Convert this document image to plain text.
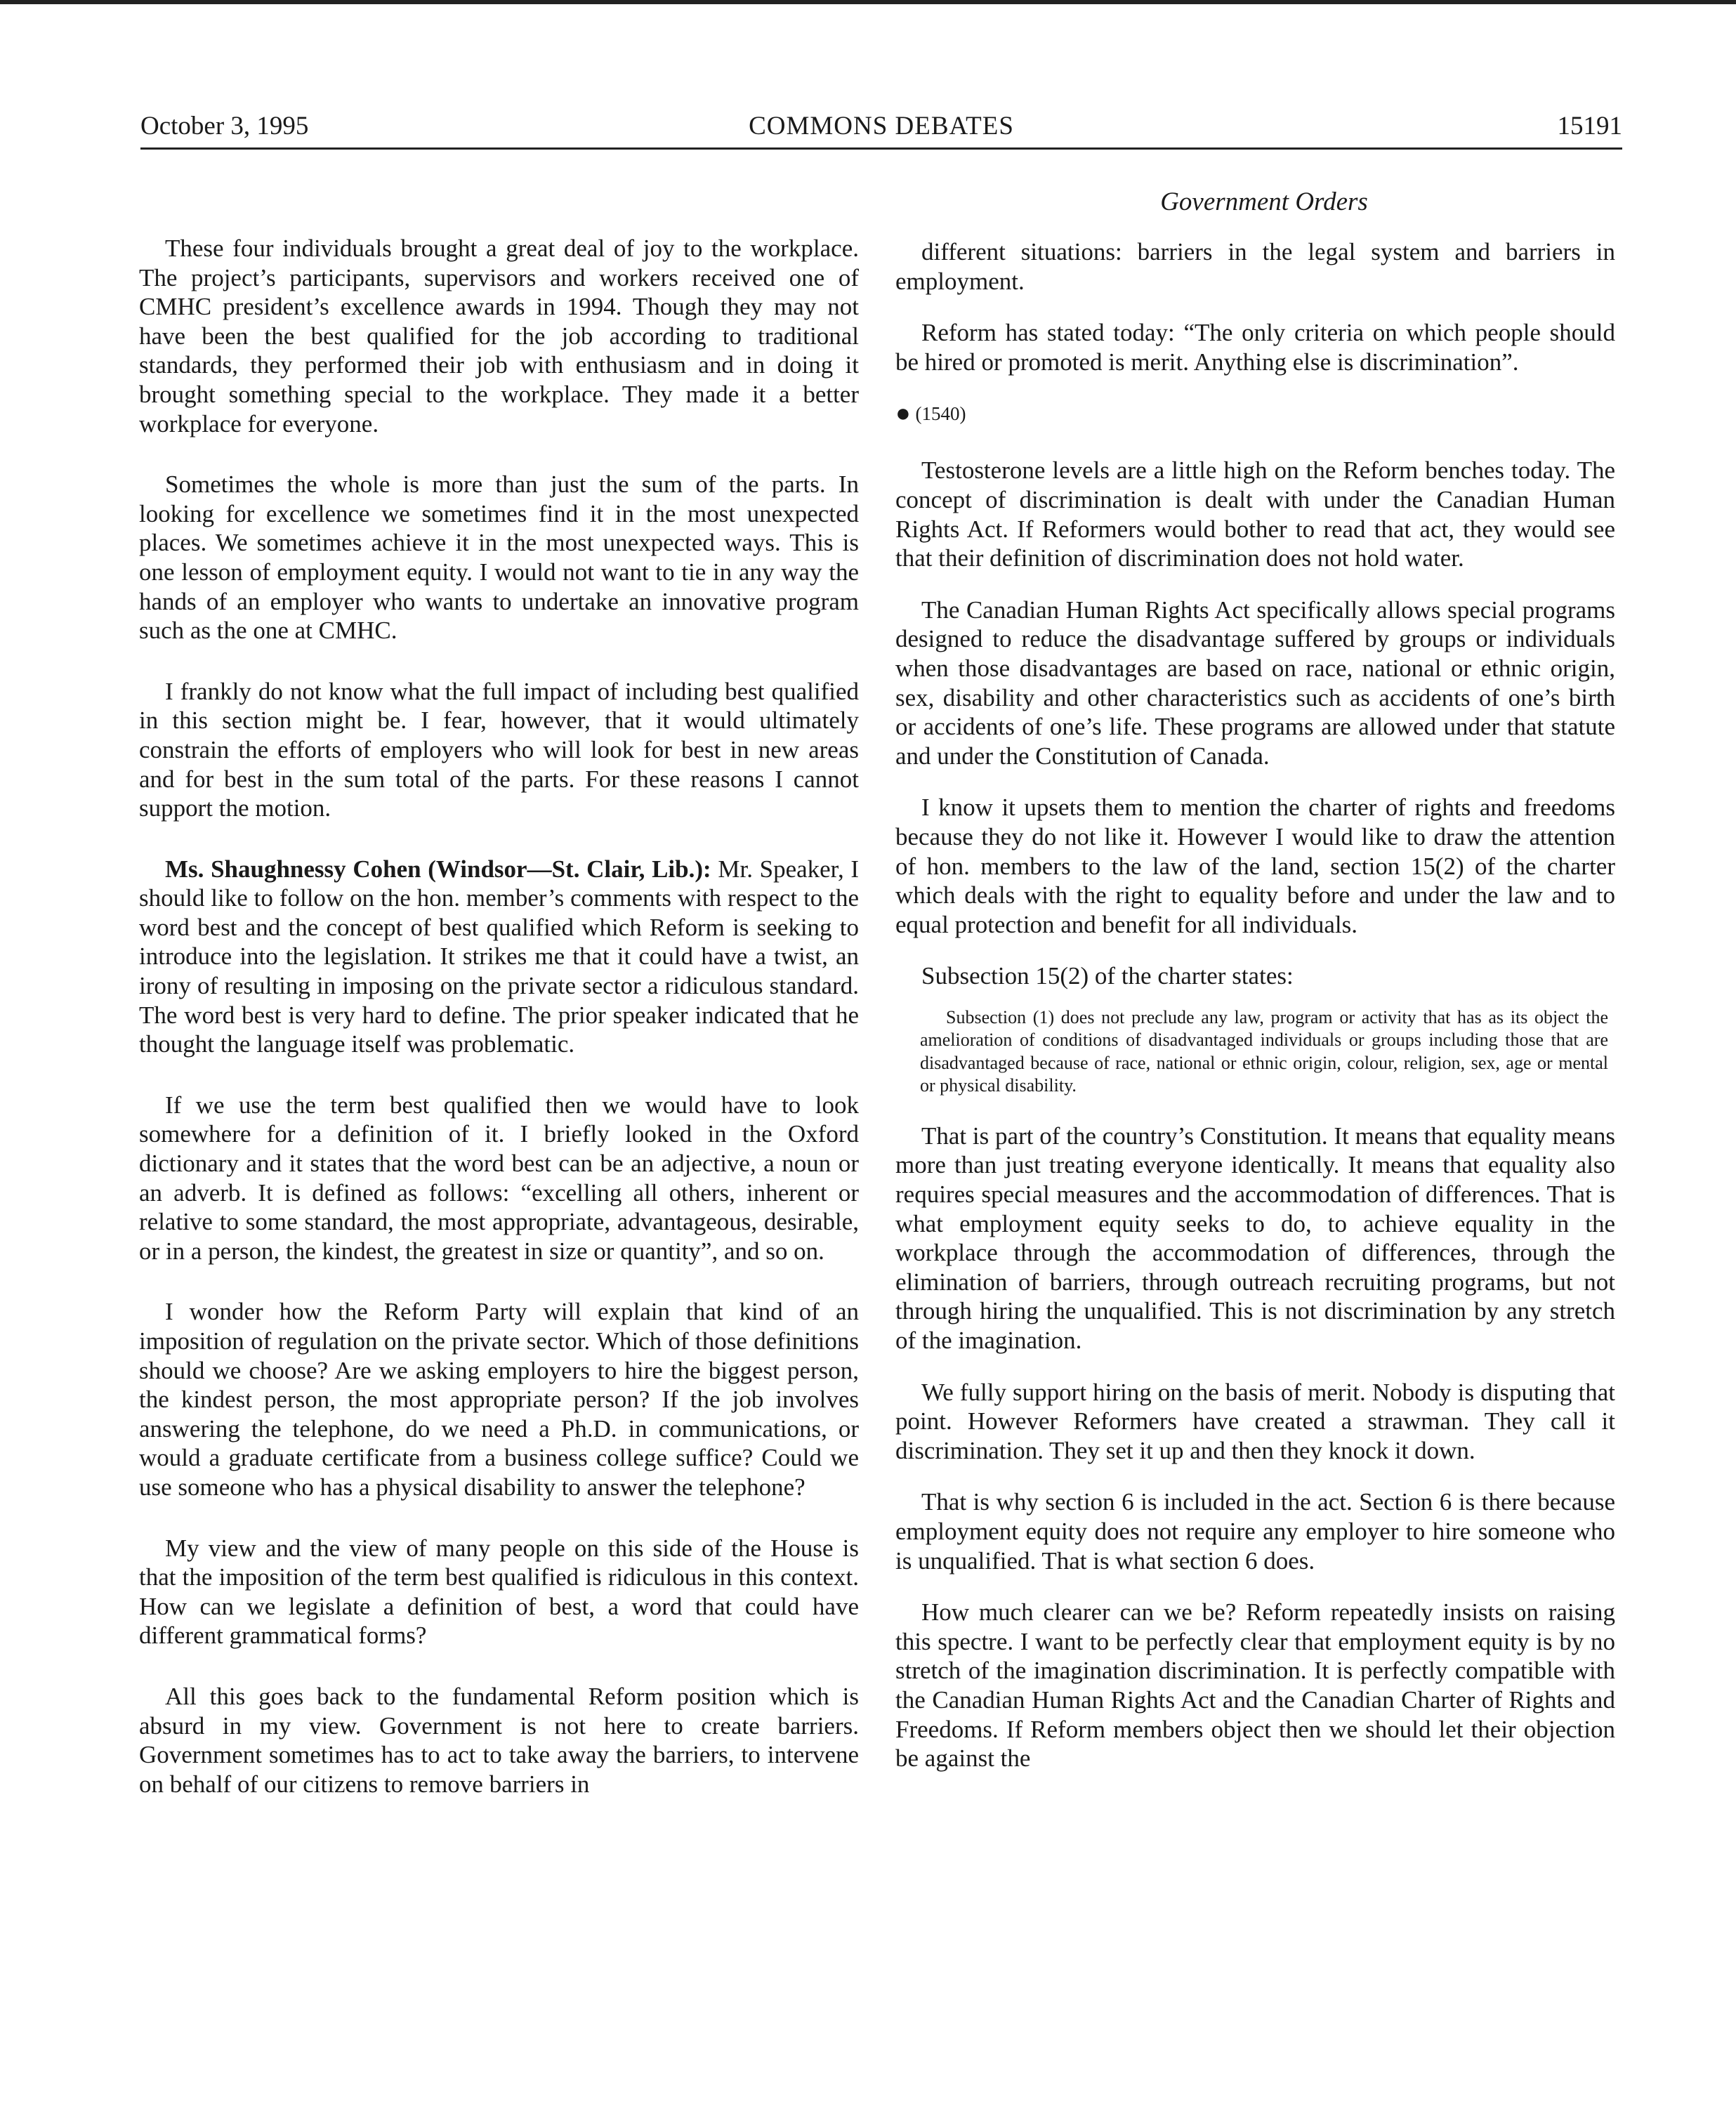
October 3, 1995	COMMONS DEBATES	15191
Government Orders

These four individuals brought a great deal of joy to the workplace. The project’s participants, supervisors and workers received one of CMHC president’s excellence awards in 1994. Though they may not have been the best qualified for the job according to traditional standards, they performed their job with enthusiasm and in doing it brought something special to the workplace. They made it a better workplace for everyone.

Sometimes the whole is more than just the sum of the parts. In looking for excellence we sometimes find it in the most unexpected places. We sometimes achieve it in the most unexpected ways. This is one lesson of employment equity. I would not want to tie in any way the hands of an employer who wants to undertake an innovative program such as the one at CMHC.

I frankly do not know what the full impact of including best qualified in this section might be. I fear, however, that it would ultimately constrain the efforts of employers who will look for best in new areas and for best in the sum total of the parts. For these reasons I cannot support the motion.

Ms. Shaughnessy Cohen (Windsor—St. Clair, Lib.): Mr. Speaker, I should like to follow on the hon. member’s comments with respect to the word best and the concept of best qualified which Reform is seeking to introduce into the legislation. It strikes me that it could have a twist, an irony of resulting in imposing on the private sector a ridiculous standard. The word best is very hard to define. The prior speaker indicated that he thought the language itself was problematic.

If we use the term best qualified then we would have to look somewhere for a definition of it. I briefly looked in the Oxford dictionary and it states that the word best can be an adjective, a noun or an adverb. It is defined as follows: “excelling all others, inherent or relative to some standard, the most appropriate, advantageous, desirable, or in a person, the kindest, the greatest in size or quantity”, and so on.

I wonder how the Reform Party will explain that kind of an imposition of regulation on the private sector. Which of those definitions should we choose? Are we asking employers to hire the biggest person, the kindest person, the most appropriate person? If the job involves answering the telephone, do we need a Ph.D. in communications, or would a graduate certificate from a business college suffice? Could we use someone who has a physical disability to answer the telephone?

My view and the view of many people on this side of the House is that the imposition of the term best qualified is ridiculous in this context. How can we legislate a definition of best, a word that could have different grammatical forms?

All this goes back to the fundamental Reform position which is absurd in my view. Government is not here to create barriers. Government sometimes has to act to take away the barriers, to intervene on behalf of our citizens to remove barriers in

different situations: barriers in the legal system and barriers in employment.

Reform has stated today: “The only criteria on which people should be hired or promoted is merit. Anything else is discrimination”.

● (1540)

Testosterone levels are a little high on the Reform benches today. The concept of discrimination is dealt with under the Canadian Human Rights Act. If Reformers would bother to read that act, they would see that their definition of discrimination does not hold water.

The Canadian Human Rights Act specifically allows special programs designed to reduce the disadvantage suffered by groups or individuals when those disadvantages are based on race, national or ethnic origin, sex, disability and other characteristics such as accidents of one’s birth or accidents of one’s life. These programs are allowed under that statute and under the Constitution of Canada.

I know it upsets them to mention the charter of rights and freedoms because they do not like it. However I would like to draw the attention of hon. members to the law of the land, section 15(2) of the charter which deals with the right to equality before and under the law and to equal protection and benefit for all individuals.

Subsection 15(2) of the charter states:

Subsection (1) does not preclude any law, program or activity that has as its object the amelioration of conditions of disadvantaged individuals or groups including those that are disadvantaged because of race, national or ethnic origin, colour, religion, sex, age or mental or physical disability.

That is part of the country’s Constitution. It means that equality means more than just treating everyone identically. It means that equality also requires special measures and the accommodation of differences. That is what employment equity seeks to do, to achieve equality in the workplace through the accommodation of differences, through the elimination of barriers, through outreach recruiting programs, but not through hiring the unqualified. This is not discrimination by any stretch of the imagination.

We fully support hiring on the basis of merit. Nobody is disputing that point. However Reformers have created a strawman. They call it discrimination. They set it up and then they knock it down.

That is why section 6 is included in the act. Section 6 is there because employment equity does not require any employer to hire someone who is unqualified. That is what section 6 does.

How much clearer can we be? Reform repeatedly insists on raising this spectre. I want to be perfectly clear that employment equity is by no stretch of the imagination discrimination. It is perfectly compatible with the Canadian Human Rights Act and the Canadian Charter of Rights and Freedoms. If Reform members object then we should let their objection be against the
